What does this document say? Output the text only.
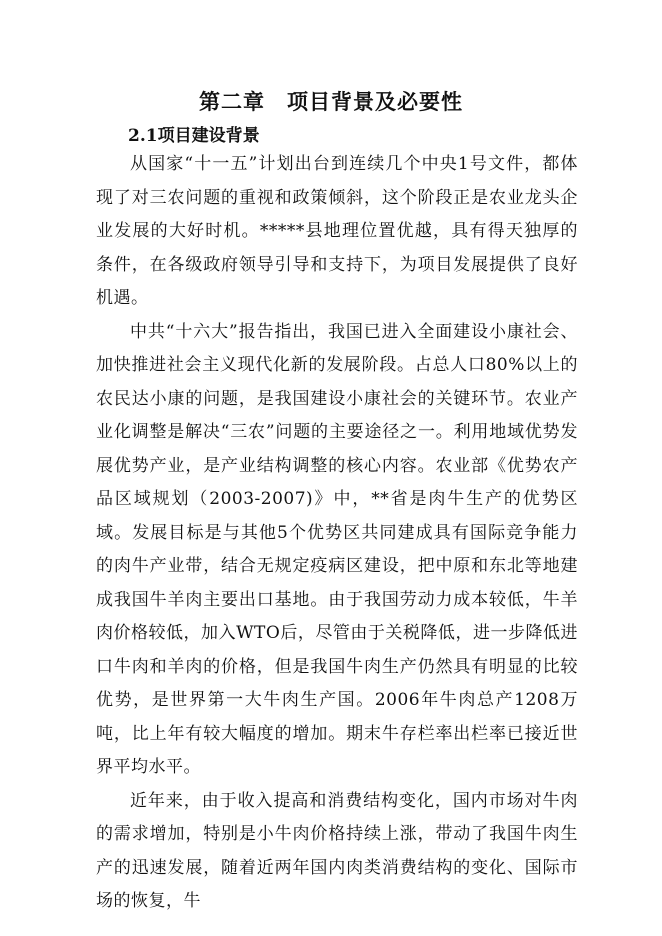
第二章　项目背景及必要性
2.1项目建设背景

从国家“十一五”计划出台到连续几个中央1号文件，都体现了对三农问题的重视和政策倾斜，这个阶段正是农业龙头企业发展的大好时机。*****县地理位置优越，具有得天独厚的条件，在各级政府领导引导和支持下，为项目发展提供了良好机遇。

中共“十六大”报告指出，我国已进入全面建设小康社会、加快推进社会主义现代化新的发展阶段。占总人口80%以上的农民达小康的问题，是我国建设小康社会的关键环节。农业产业化调整是解决“三农”问题的主要途径之一。利用地域优势发展优势产业，是产业结构调整的核心内容。农业部《优势农产品区域规划（2003-2007)》中，**省是肉牛生产的优势区域。发展目标是与其他5个优势区共同建成具有国际竞争能力的肉牛产业带，结合无规定疫病区建设，把中原和东北等地建成我国牛羊肉主要出口基地。由于我国劳动力成本较低，牛羊肉价格较低，加入WTO后，尽管由于关税降低，进一步降低进口牛肉和羊肉的价格，但是我国牛肉生产仍然具有明显的比较优势，是世界第一大牛肉生产国。2006年牛肉总产1208万吨，比上年有较大幅度的增加。期末牛存栏率出栏率已接近世界平均水平。

近年来，由于收入提高和消费结构变化，国内市场对牛肉的需求增加，特别是小牛肉价格持续上涨，带动了我国牛肉生产的迅速发展，随着近两年国内肉类消费结构的变化、国际市场的恢复，牛
